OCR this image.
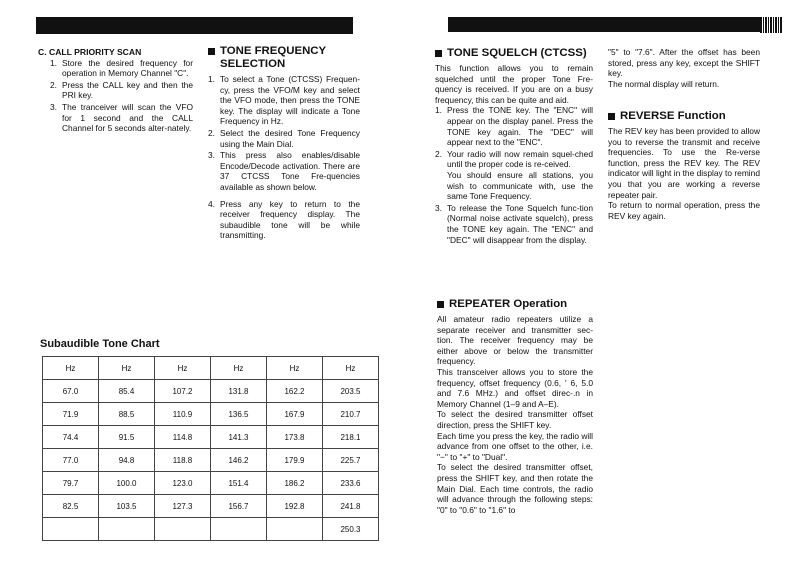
C. CALL PRIORITY SCAN

1. Store the desired frequency for operation in Memory Channel "C".
2. Press the CALL key and then the PRI key.
3. The tranceiver will scan the VFO for 1 second and the CALL Channel for 5 seconds alter-nately.
TONE FREQUENCY
SELECTION
1. To select a Tone (CTCSS) Frequen-cy, press the VFO/M key and select the VFO mode, then press the TONE key. The display will indicate a Tone Frequency in Hz.
2. Select the desired Tone Frequency using the Main Dial.
3. This press also enables/disable Encode/Decode activation. There are 37 CTCSS Tone Fre-quencies available as shown below.
4. Press any key to return to the receiver frequency display. The subaudible tone will be while transmitting.
Subaudible Tone Chart
Hz	Hz	Hz	Hz	Hz	Hz
67.0	85.4	107.2	131.8	162.2	203.5
71.9	88.5	110.9	136.5	167.9	210.7
74.4	91.5	114.8	141.3	173.8	218.1
77.0	94.8	118.8	146.2	179.9	225.7
79.7	100.0	123.0	151.4	186.2	233.6
82.5	103.5	127.3	156.7	192.8	241.8
					250.3
TONE SQUELCH (CTCSS)

This function allows you to remain squelched until the proper Tone Fre-quency is received. If you are on a busy frequency, this can be quite and aid.

1. Press the TONE key. The "ENC" will appear on the display panel. Press the TONE key again. The "DEC" will appear next to the "ENC".
2. Your radio will now remain squel-ched until the proper code is re-ceived.
You should ensure all stations, you wish to communicate with, use the same Tone Frequency.
3. To release the Tone Squelch func-tion (Normal noise activate squelch), press the TONE key again. The "ENC" and "DEC" will disappear from the display.
REPEATER Operation

All amateur radio repeaters utilize a separate receiver and transmitter sec-tion. The receiver frequency may be either above or below the transmitter frequency.

This transceiver allows you to store the frequency, offset frequency (0.6, ' 6, 5.0 and 7.6 MHz.) and offset direc-.n in Memory Channel (1–9 and A–E).

To select the desired transmitter offset direction, press the SHIFT key.

Each time you press the key, the radio will advance from one offset to the other, i.e. "−" to "+" to "Dual".

To select the desired transmitter offset, press the SHIFT key, and then rotate the Main Dial. Each time controls, the radio will advance through the following steps: "0" to "0.6" to "1.6" to

"5" to "7.6". After the offset has been stored, press any key, except the SHIFT key.

The normal display will return.

REVERSE Function

The REV key has been provided to allow you to reverse the transmit and receive frequencies. To use the Re-verse function, press the REV key. The REV indicator will light in the display to remind you that you are working a reverse repeater pair.

To return to normal operation, press the REV key again.
